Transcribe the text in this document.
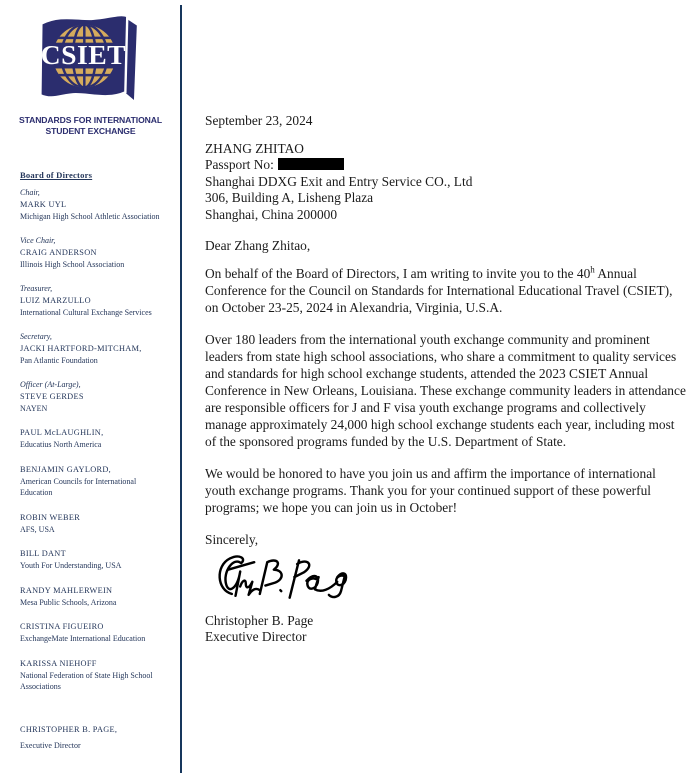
CSIET
STANDARDS FOR INTERNATIONAL
STUDENT EXCHANGE
Board of Directors
Chair,
MARK UYL
Michigan High School Athletic Association
Vice Chair,
CRAIG ANDERSON
Illinois High School Association
Treasurer,
LUIZ MARZULLO
International Cultural Exchange Services
Secretary,
JACKI HARTFORD-MITCHAM,
Pan Atlantic Foundation
Officer (At-Large),
STEVE GERDES
NAYEN
PAUL McLAUGHLIN,
Educatius North America
BENJAMIN GAYLORD,
American Councils for International Education
ROBIN WEBER
AFS, USA
BILL DANT
Youth For Understanding, USA
RANDY MAHLERWEIN
Mesa Public Schools, Arizona
CRISTINA FIGUEIRO
ExchangeMate International Education
KARISSA NIEHOFF
National Federation of State High School Associations
CHRISTOPHER B. PAGE,
Executive Director
September 23, 2024
ZHANG ZHITAO
Passport No:
Shanghai DDXG Exit and Entry Service CO., Ltd
306, Building A, Lisheng Plaza
Shanghai, China 200000
Dear Zhang Zhitao,
On behalf of the Board of Directors, I am writing to invite you to the 40$^h$ Annual Conference for the Council on Standards for International Educational Travel (CSIET), on October 23-25, 2024 in Alexandria, Virginia, U.S.A.
Over 180 leaders from the international youth exchange community and prominent leaders from state high school associations, who share a commitment to quality services and standards for high school exchange students, attended the 2023 CSIET Annual Conference in New Orleans, Louisiana. These exchange community leaders in attendance are responsible officers for J and F visa youth exchange programs and collectively manage approximately 24,000 high school exchange students each year, including most of the sponsored programs funded by the U.S. Department of State.
We would be honored to have you join us and affirm the importance of international youth exchange programs. Thank you for your continued support of these powerful programs; we hope you can join us in October!
Sincerely,
Christopher B. Page
Executive Director
